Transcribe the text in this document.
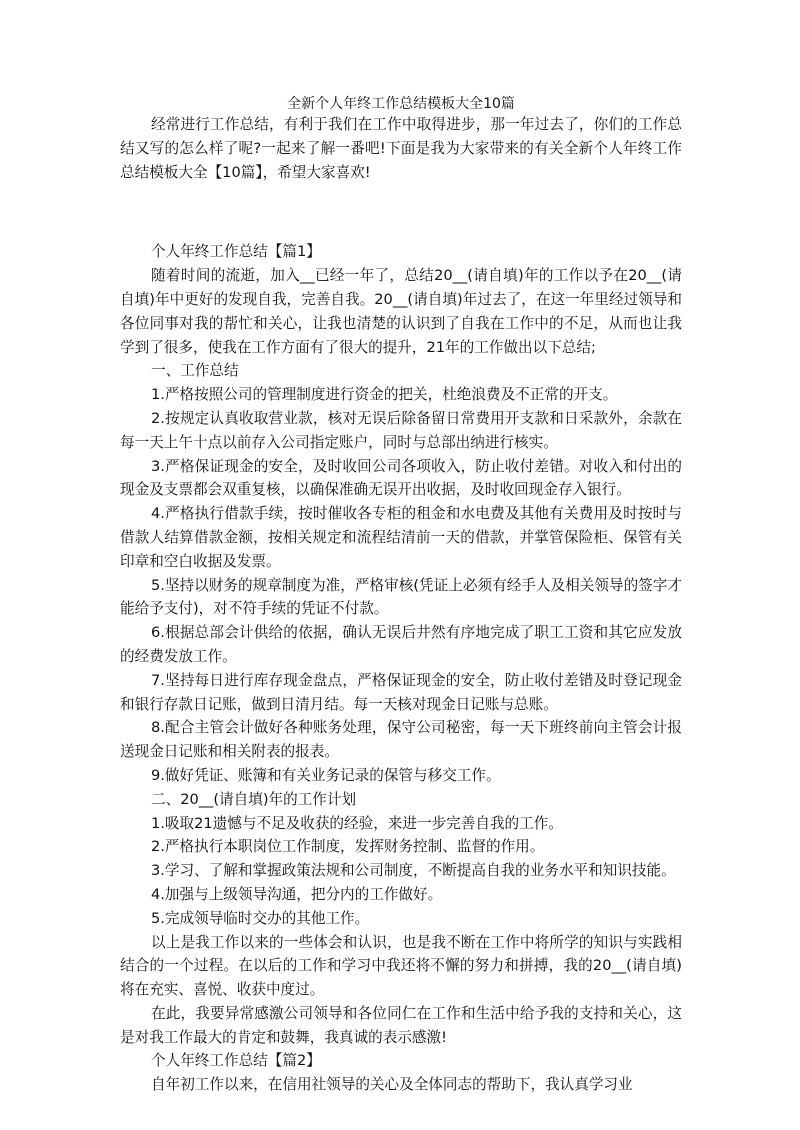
全新个人年终工作总结模板大全10篇

经常进行工作总结，有利于我们在工作中取得进步，那一年过去了，你们的工作总结又写的怎么样了呢?一起来了解一番吧!下面是我为大家带来的有关全新个人年终工作总结模板大全【10篇】，希望大家喜欢!

个人年终工作总结【篇1】

随着时间的流逝，加入__已经一年了，总结20__(请自填)年的工作以予在20__(请自填)年中更好的发现自我，完善自我。20__(请自填)年过去了，在这一年里经过领导和各位同事对我的帮忙和关心，让我也清楚的认识到了自我在工作中的不足，从而也让我学到了很多，使我在工作方面有了很大的提升，21年的工作做出以下总结;

一、工作总结

1.严格按照公司的管理制度进行资金的把关，杜绝浪费及不正常的开支。

2.按规定认真收取营业款，核对无误后除备留日常费用开支款和日采款外，余款在每一天上午十点以前存入公司指定账户，同时与总部出纳进行核实。

3.严格保证现金的安全，及时收回公司各项收入，防止收付差错。对收入和付出的现金及支票都会双重复核，以确保准确无误开出收据，及时收回现金存入银行。

4.严格执行借款手续，按时催收各专柜的租金和水电费及其他有关费用及时按时与借款人结算借款金额，按相关规定和流程结清前一天的借款，并掌管保险柜、保管有关印章和空白收据及发票。

5.坚持以财务的规章制度为准，严格审核(凭证上必须有经手人及相关领导的签字才能给予支付)，对不符手续的凭证不付款。

6.根据总部会计供给的依据，确认无误后井然有序地完成了职工工资和其它应发放的经费发放工作。

7.坚持每日进行库存现金盘点，严格保证现金的安全，防止收付差错及时登记现金和银行存款日记账，做到日清月结。每一天核对现金日记账与总账。

8.配合主管会计做好各种账务处理，保守公司秘密，每一天下班终前向主管会计报送现金日记账和相关附表的报表。

9.做好凭证、账簿和有关业务记录的保管与移交工作。

二、20__(请自填)年的工作计划

1.吸取21遗憾与不足及收获的经验，来进一步完善自我的工作。

2.严格执行本职岗位工作制度，发挥财务控制、监督的作用。

3.学习、了解和掌握政策法规和公司制度，不断提高自我的业务水平和知识技能。

4.加强与上级领导沟通，把分内的工作做好。

5.完成领导临时交办的其他工作。

以上是我工作以来的一些体会和认识，也是我不断在工作中将所学的知识与实践相结合的一个过程。在以后的工作和学习中我还将不懈的努力和拼搏，我的20__(请自填)将在充实、喜悦、收获中度过。

在此，我要异常感激公司领导和各位同仁在工作和生活中给予我的支持和关心，这是对我工作最大的肯定和鼓舞，我真诚的表示感激!

个人年终工作总结【篇2】

自年初工作以来，在信用社领导的关心及全体同志的帮助下，我认真学习业
